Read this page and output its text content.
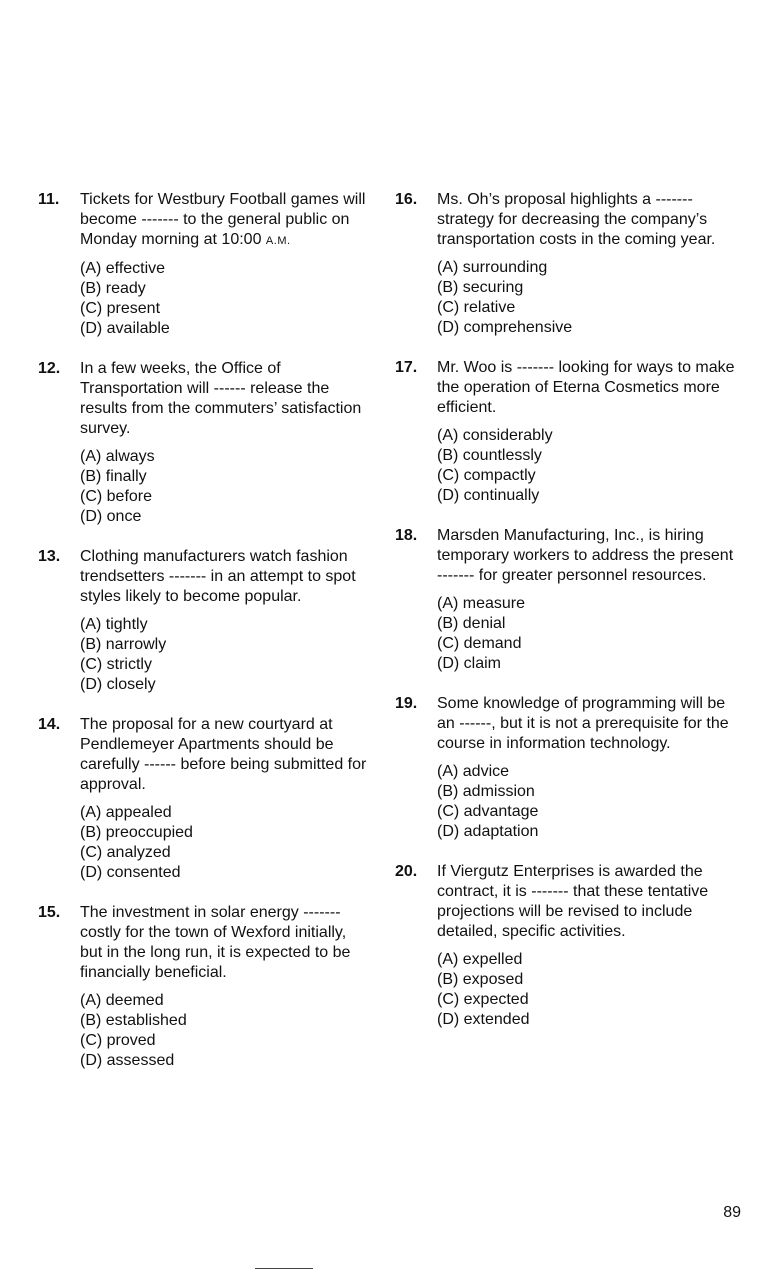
11. Tickets for Westbury Football games will become ------- to the general public on Monday morning at 10:00 A.M.

(A) effective

(B) ready

(C) present

(D) available

12. In a few weeks, the Office of Transportation will ------ release the results from the commuters’ satisfaction survey.

(A) always

(B) finally

(C) before

(D) once

13. Clothing manufacturers watch fashion trendsetters ------- in an attempt to spot styles likely to become popular.

(A) tightly

(B) narrowly

(C) strictly

(D) closely

14. The proposal for a new courtyard at Pendlemeyer Apartments should be carefully ------ before being submitted for approval.

(A) appealed

(B) preoccupied

(C) analyzed

(D) consented

15. The investment in solar energy ------- costly for the town of Wexford initially, but in the long run, it is expected to be financially beneficial.

(A) deemed

(B) established

(C) proved

(D) assessed

16. Ms. Oh’s proposal highlights a ------- strategy for decreasing the company’s transportation costs in the coming year.

(A) surrounding

(B) securing

(C) relative

(D) comprehensive

17. Mr. Woo is ------- looking for ways to make the operation of Eterna Cosmetics more efficient.

(A) considerably

(B) countlessly

(C) compactly

(D) continually

18. Marsden Manufacturing, Inc., is hiring temporary workers to address the present ------- for greater personnel resources.

(A) measure

(B) denial

(C) demand

(D) claim

19. Some knowledge of programming will be an ------, but it is not a prerequisite for the course in information technology.

(A) advice

(B) admission

(C) advantage

(D) adaptation

20. If Viergutz Enterprises is awarded the contract, it is ------- that these tentative projections will be revised to include detailed, specific activities.

(A) expelled

(B) exposed

(C) expected

(D) extended

89
